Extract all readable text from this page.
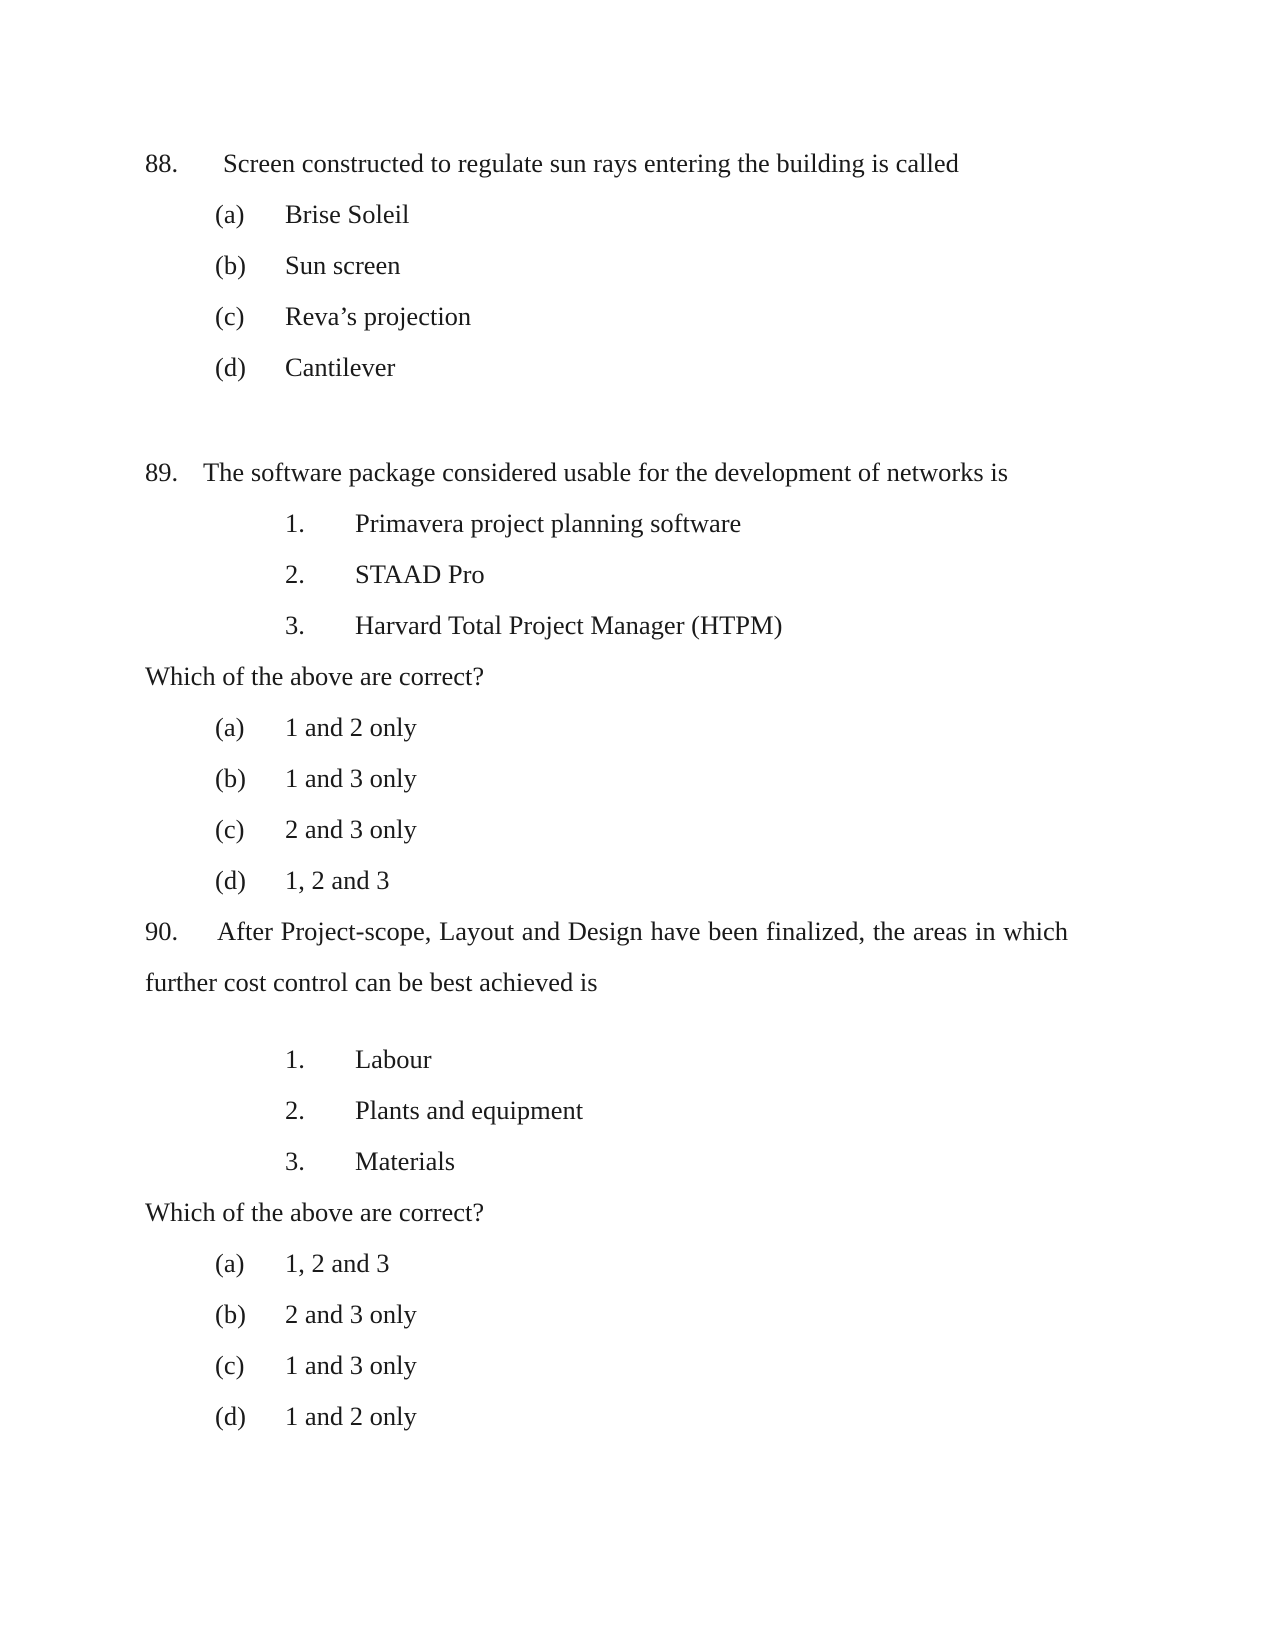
88.	Screen constructed to regulate sun rays entering the building is called
(a)	Brise Soleil
(b)	Sun screen
(c)	Reva’s projection
(d)	Cantilever
89. The software package considered usable for the development of networks is
1.	Primavera project planning software
2.	STAAD Pro
3.	Harvard Total Project Manager (HTPM)
Which of the above are correct?
(a)	1 and 2 only
(b)	1 and 3 only
(c)	2 and 3 only
(d)	1, 2 and 3
90. After Project-scope, Layout and Design have been finalized, the areas in which further cost control can be best achieved is
1.	Labour
2.	Plants and equipment
3.	Materials
Which of the above are correct?
(a)	1, 2 and 3
(b)	2 and 3 only
(c)	1 and 3 only
(d)	1 and 2 only
